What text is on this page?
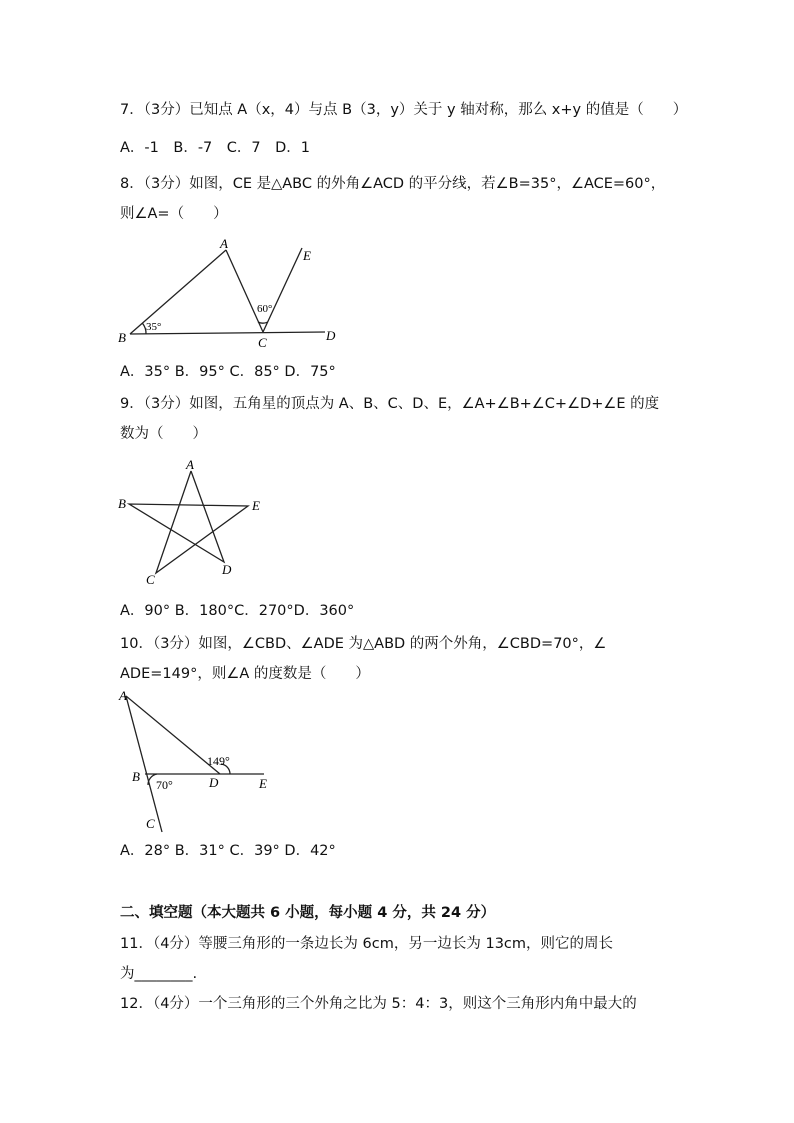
7．（3分）已知点 A（x，4）与点 B（3，y）关于 y 轴对称，那么 x+y 的值是（　　）
A．-1　B．-7　C．7　D．1
8．（3分）如图，CE 是△ABC 的外角∠ACD 的平分线，若∠B=35°，∠ACE=60°，
则∠A=（　　）
A
B	C	D
E
35°
60°
A．35° B．95° C．85° D．75°
9．（3分）如图，五角星的顶点为 A、B、C、D、E，∠A+∠B+∠C+∠D+∠E 的度
数为（　　）
A
B
C
D
E
A．90° B．180°C．270°D．360°
10．（3分）如图，∠CBD、∠ADE 为△ABD 的两个外角，∠CBD=70°，∠
ADE=149°，则∠A 的度数是（　　）
A
B
C
D	E
149°
70°
A．28° B．31° C．39° D．42°
二、填空题（本大题共 6 小题，每小题 4 分，共 24 分）
11．（4分）等腰三角形的一条边长为 6cm，另一边长为 13cm，则它的周长
为________.
12．（4分）一个三角形的三个外角之比为 5：4：3，则这个三角形内角中最大的
